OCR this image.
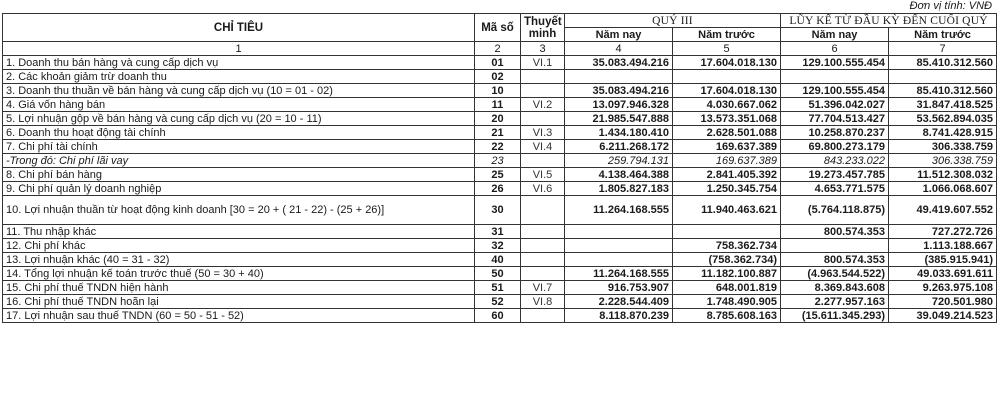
Đơn vị tính: VNĐ
CHỈ TIÊU	Mã số	Thuyết minh	QUÝ III		LŨY KẾ TỪ ĐẦU KỲ ĐẾN CUỐI QUÝ	
			Năm nay	Năm trước	Năm nay	Năm trước
1	2	3	4	5	6	7
1. Doanh thu bán hàng và cung cấp dịch vụ	01	VI.1	35.083.494.216	17.604.018.130	129.100.555.454	85.410.312.560
2. Các khoản giảm trừ doanh thu	02					
3. Doanh thu thuần về bán hàng và cung cấp dịch vụ (10 = 01 - 02)	10		35.083.494.216	17.604.018.130	129.100.555.454	85.410.312.560
4. Giá vốn hàng bán	11	VI.2	13.097.946.328	4.030.667.062	51.396.042.027	31.847.418.525
5. Lợi nhuận gộp về bán hàng và cung cấp dịch vụ (20 = 10 - 11)	20		21.985.547.888	13.573.351.068	77.704.513.427	53.562.894.035
6. Doanh thu hoạt động tài chính	21	VI.3	1.434.180.410	2.628.501.088	10.258.870.237	8.741.428.915
7. Chi phí tài chính	22	VI.4	6.211.268.172	169.637.389	69.800.273.179	306.338.759
-Trong đó: Chi phí lãi vay	23		259.794.131	169.637.389	843.233.022	306.338.759
8. Chi phí bán hàng	25	VI.5	4.138.464.388	2.841.405.392	19.273.457.785	11.512.308.032
9. Chi phí quản lý doanh nghiệp	26	VI.6	1.805.827.183	1.250.345.754	4.653.771.575	1.066.068.607
10. Lợi nhuận thuần từ hoạt động kinh doanh [30 = 20 + ( 21 - 22) - (25 + 26)]	30		11.264.168.555	11.940.463.621	(5.764.118.875)	49.419.607.552
11. Thu nhập khác	31				800.574.353	727.272.726
12. Chi phí khác	32			758.362.734		1.113.188.667
13. Lợi nhuận khác (40 = 31 - 32)	40			(758.362.734)	800.574.353	(385.915.941)
14. Tổng lợi nhuận kế toán trước thuế (50 = 30 + 40)	50		11.264.168.555	11.182.100.887	(4.963.544.522)	49.033.691.611
15. Chi phí thuế TNDN hiện hành	51	VI.7	916.753.907	648.001.819	8.369.843.608	9.263.975.108
16. Chi phí thuế TNDN hoãn lại	52	VI.8	2.228.544.409	1.748.490.905	2.277.957.163	720.501.980
17. Lợi nhuận sau thuế TNDN (60 = 50 - 51 - 52)	60		8.118.870.239	8.785.608.163	(15.611.345.293)	39.049.214.523
